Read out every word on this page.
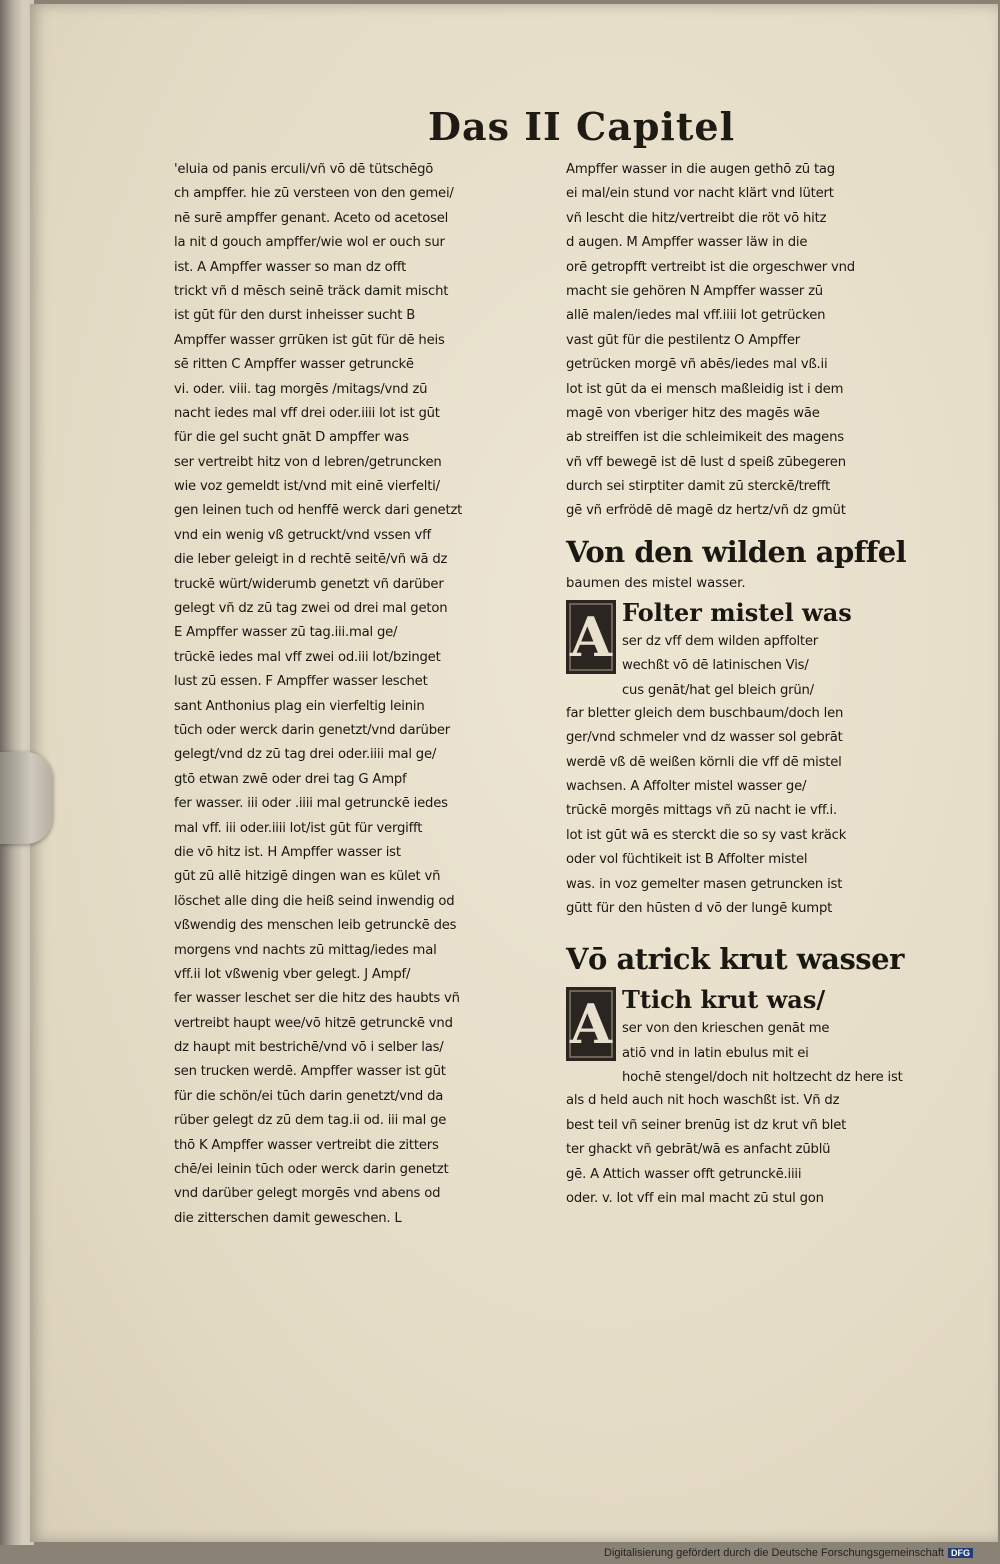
Das II Capitel
'eluia od panis erculi/vñ vō dē tütschēgō
ch ampffer. hie zū versteen von den gemei/
nē surē ampffer genant. Aceto od acetosel
la nit d gouch ampffer/wie wol er ouch sur
ist. A Ampffer wasser so man dz offt
trickt vñ d mēsch seinē träck damit mischt
ist gūt für den durst inheisser sucht B
Ampffer wasser grrūken ist gūt für dē heis
sē ritten C Ampffer wasser getrunckē
vi. oder. viii. tag morgēs /mitags/vnd zū
nacht iedes mal vff drei oder.iiii lot ist gūt
für die gel sucht gnāt D ampffer was
ser vertreibt hitz von d lebren/getruncken
wie voz gemeldt ist/vnd mit einē vierfelti/
gen leinen tuch od henffē werck dari genetzt
vnd ein wenig vß getruckt/vnd vssen vff
die leber geleigt in d rechtē seitē/vñ wā dz
truckē würt/widerumb genetzt vñ darüber
gelegt vñ dz zū tag zwei od drei mal geton
E Ampffer wasser zū tag.iii.mal ge/
trūckē iedes mal vff zwei od.iii lot/bzinget
lust zū essen. F Ampffer wasser leschet
sant Anthonius plag ein vierfeltig leinin
tūch oder werck darin genetzt/vnd darüber
gelegt/vnd dz zū tag drei oder.iiii mal ge/
gtō etwan zwē oder drei tag G Ampf
fer wasser. iii oder .iiii mal getrunckē iedes
mal vff. iii oder.iiii lot/ist gūt für vergifft
die vō hitz ist. H Ampffer wasser ist
gūt zū allē hitzigē dingen wan es kület vñ
löschet alle ding die heiß seind inwendig od
vßwendig des menschen leib getrunckē des
morgens vnd nachts zū mittag/iedes mal
vff.ii lot vßwenig vber gelegt. J Ampf/
fer wasser leschet ser die hitz des haubts vñ
vertreibt haupt wee/vō hitzē getrunckē vnd
dz haupt mit bestrichē/vnd vō i selber las/
sen trucken werdē. Ampffer wasser ist gūt
für die schön/ei tūch darin genetzt/vnd da
rüber gelegt dz zū dem tag.ii od. iii mal ge
thō K Ampffer wasser vertreibt die zitters
chē/ei leinin tūch oder werck darin genetzt
vnd darüber gelegt morgēs vnd abens od
die zitterschen damit geweschen. L
Ampffer wasser in die augen gethō zū tag
ei mal/ein stund vor nacht klärt vnd lütert
vñ lescht die hitz/vertreibt die röt vō hitz
d augen. M Ampffer wasser läw in die
orē getropfft vertreibt ist die orgeschwer vnd
macht sie gehören N Ampffer wasser zū
allē malen/iedes mal vff.iiii lot getrücken
vast gūt für die pestilentz O Ampffer
getrücken morgē vñ abēs/iedes mal vß.ii
lot ist gūt da ei mensch maßleidig ist i dem
magē von vberiger hitz des magēs wāe
ab streiffen ist die schleimikeit des magens
vñ vff bewegē ist dē lust d speiß zūbegeren
durch sei stirptiter damit zū sterckē/trefft
gē vñ erfrödē dē magē dz hertz/vñ dz gmüt
Von den wilden apffel
baumen des mistel wasser.
A Folter mistel was
ser dz vff dem wilden apffolter
wechßt vō dē latinischen Vis/
cus genāt/hat gel bleich grün/
far bletter gleich dem buschbaum/doch len
ger/vnd schmeler vnd dz wasser sol gebrāt
werdē vß dē weißen körnli die vff dē mistel
wachsen. A Affolter mistel wasser ge/
trūckē morgēs mittags vñ zū nacht ie vff.i.
lot ist gūt wā es sterckt die so sy vast kräck
oder vol füchtikeit ist B Affolter mistel
was. in voz gemelter masen getruncken ist
gūtt für den hūsten d vō der lungē kumpt
Vō atrick krut wasser
A Ttich krut was/
ser von den krieschen genāt me
atiō vnd in latin ebulus mit ei
hochē stengel/doch nit holtzecht dz here ist
als d held auch nit hoch waschßt ist. Vñ dz
best teil vñ seiner brenūg ist dz krut vñ blet
ter ghackt vñ gebrāt/wā es anfacht zūblü
gē. A Attich wasser offt getrunckē.iiii
oder. v. lot vff ein mal macht zū stul gon
Digitalisierung gefördert durch die Deutsche Forschungsgemeinschaft DFG
